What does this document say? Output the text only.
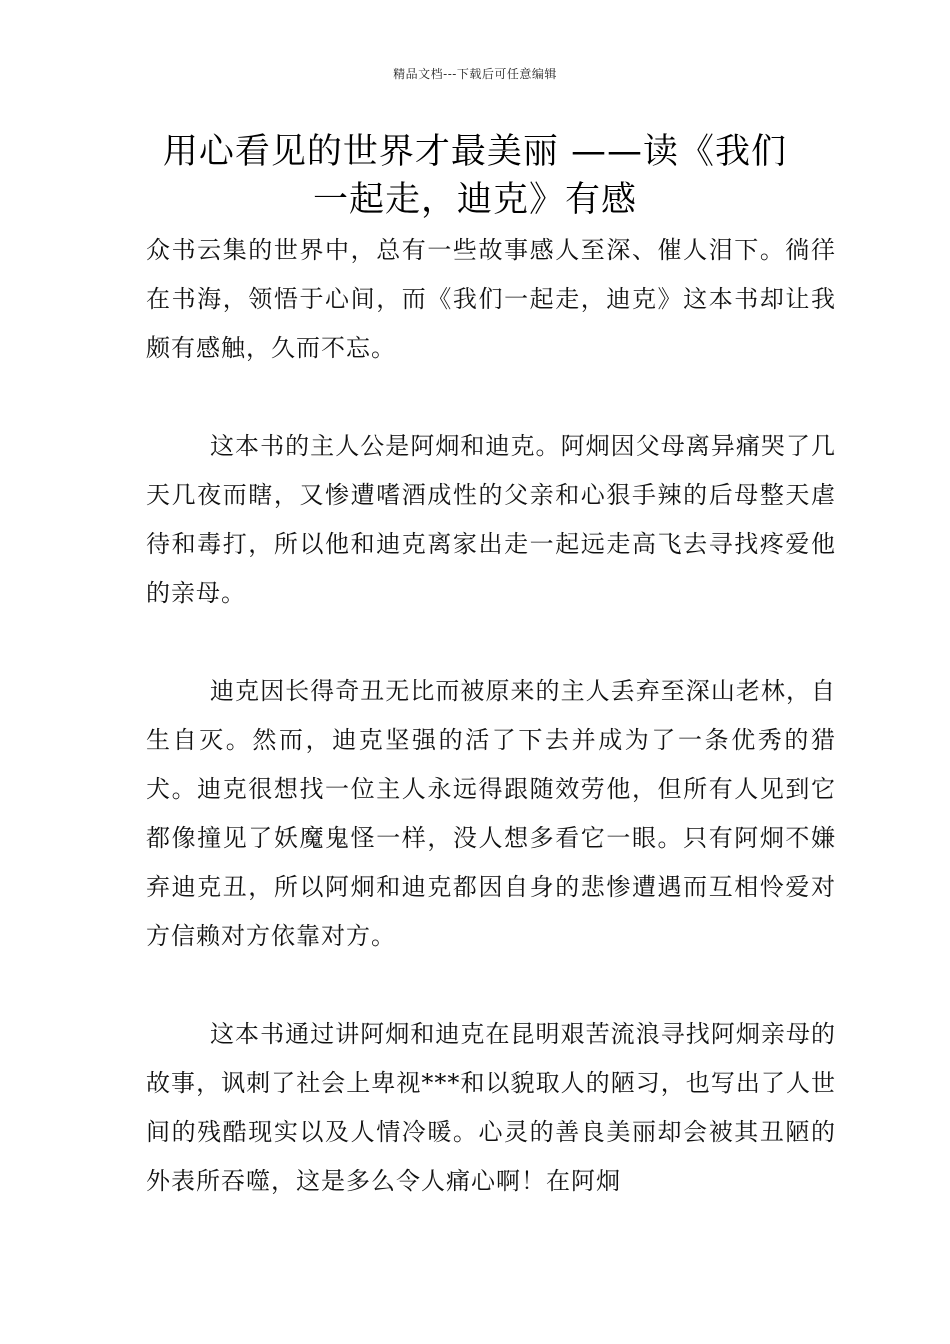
精品文档---下载后可任意编辑
用心看见的世界才最美丽 ——读《我们一起走，迪克》有感

众书云集的世界中，总有一些故事感人至深、催人泪下。徜徉在书海，领悟于心间，而《我们一起走，迪克》这本书却让我颇有感触，久而不忘。

这本书的主人公是阿炯和迪克。阿炯因父母离异痛哭了几天几夜而瞎，又惨遭嗜酒成性的父亲和心狠手辣的后母整天虐待和毒打，所以他和迪克离家出走一起远走高飞去寻找疼爱他的亲母。

迪克因长得奇丑无比而被原来的主人丢弃至深山老林，自生自灭。然而，迪克坚强的活了下去并成为了一条优秀的猎犬。迪克很想找一位主人永远得跟随效劳他，但所有人见到它都像撞见了妖魔鬼怪一样，没人想多看它一眼。只有阿炯不嫌弃迪克丑，所以阿炯和迪克都因自身的悲惨遭遇而互相怜爱对方信赖对方依靠对方。

这本书通过讲阿炯和迪克在昆明艰苦流浪寻找阿炯亲母的故事，讽刺了社会上卑视***和以貌取人的陋习，也写出了人世间的残酷现实以及人情冷暖。心灵的善良美丽却会被其丑陋的外表所吞噬，这是多么令人痛心啊！在阿炯
